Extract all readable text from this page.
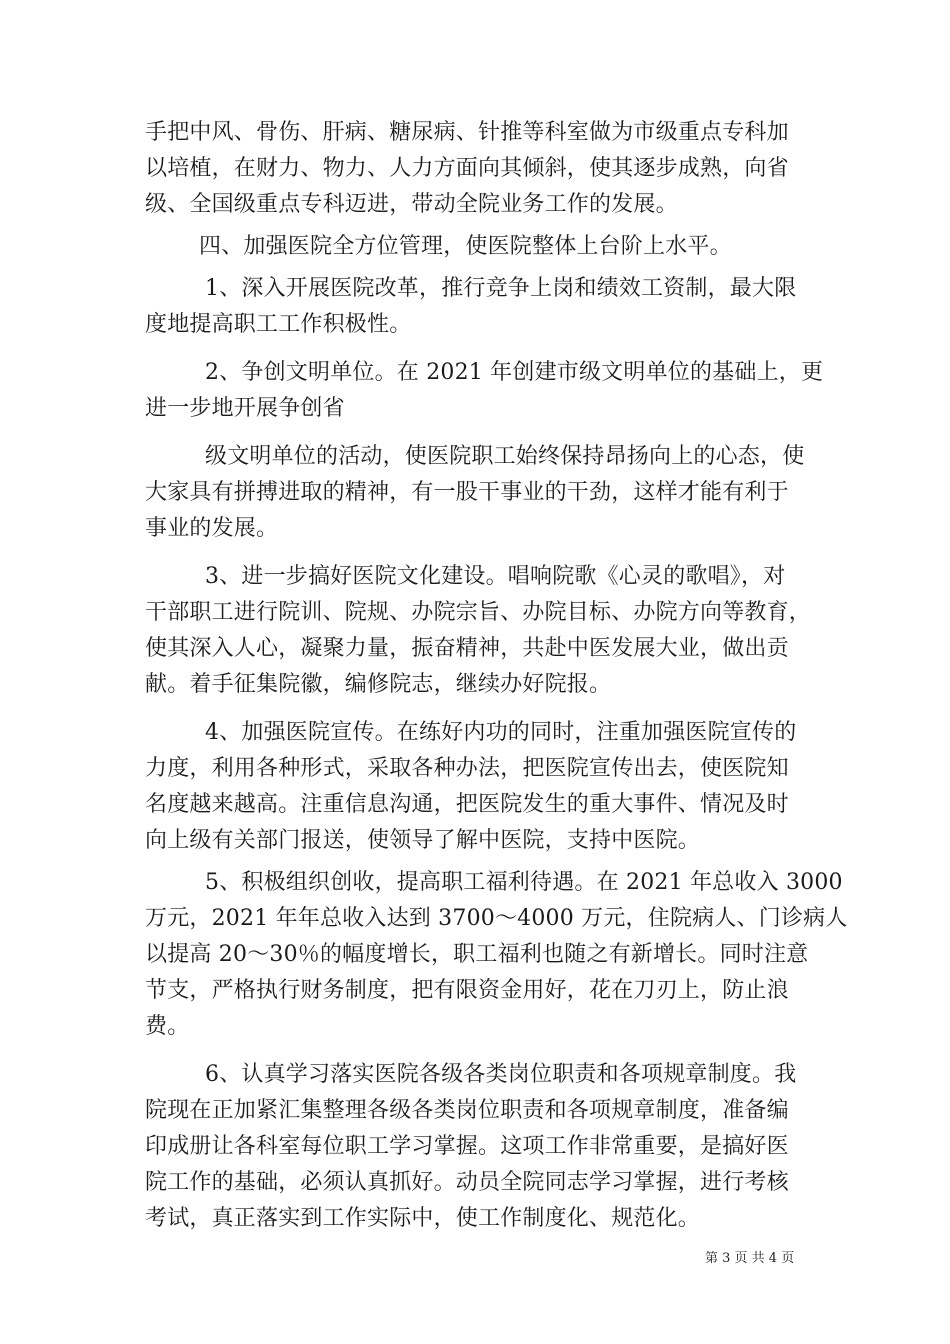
手把中风、骨伤、肝病、糖尿病、针推等科室做为市级重点专科加
以培植，在财力、物力、人力方面向其倾斜，使其逐步成熟，向省
级、全国级重点专科迈进，带动全院业务工作的发展。
四、加强医院全方位管理，使医院整体上台阶上水平。
1、深入开展医院改革，推行竞争上岗和绩效工资制，最大限
度地提高职工工作积极性。
2、争创文明单位。在 2021 年创建市级文明单位的基础上，更
进一步地开展争创省
级文明单位的活动，使医院职工始终保持昂扬向上的心态，使
大家具有拼搏进取的精神，有一股干事业的干劲，这样才能有利于
事业的发展。
3、进一步搞好医院文化建设。唱响院歌《心灵的歌唱》，对
干部职工进行院训、院规、办院宗旨、办院目标、办院方向等教育，
使其深入人心，凝聚力量，振奋精神，共赴中医发展大业，做出贡
献。着手征集院徽，编修院志，继续办好院报。
4、加强医院宣传。在练好内功的同时，注重加强医院宣传的
力度，利用各种形式，采取各种办法，把医院宣传出去，使医院知
名度越来越高。注重信息沟通，把医院发生的重大事件、情况及时
向上级有关部门报送，使领导了解中医院，支持中医院。
5、积极组织创收，提高职工福利待遇。在 2021 年总收入 3000
万元，2021 年年总收入达到 3700～4000 万元，住院病人、门诊病人
以提高 20～30％的幅度增长，职工福利也随之有新增长。同时注意
节支，严格执行财务制度，把有限资金用好，花在刀刃上，防止浪
费。
6、认真学习落实医院各级各类岗位职责和各项规章制度。我
院现在正加紧汇集整理各级各类岗位职责和各项规章制度，准备编
印成册让各科室每位职工学习掌握。这项工作非常重要，是搞好医
院工作的基础，必须认真抓好。动员全院同志学习掌握，进行考核
考试，真正落实到工作实际中，使工作制度化、规范化。
第 3 页 共 4 页
